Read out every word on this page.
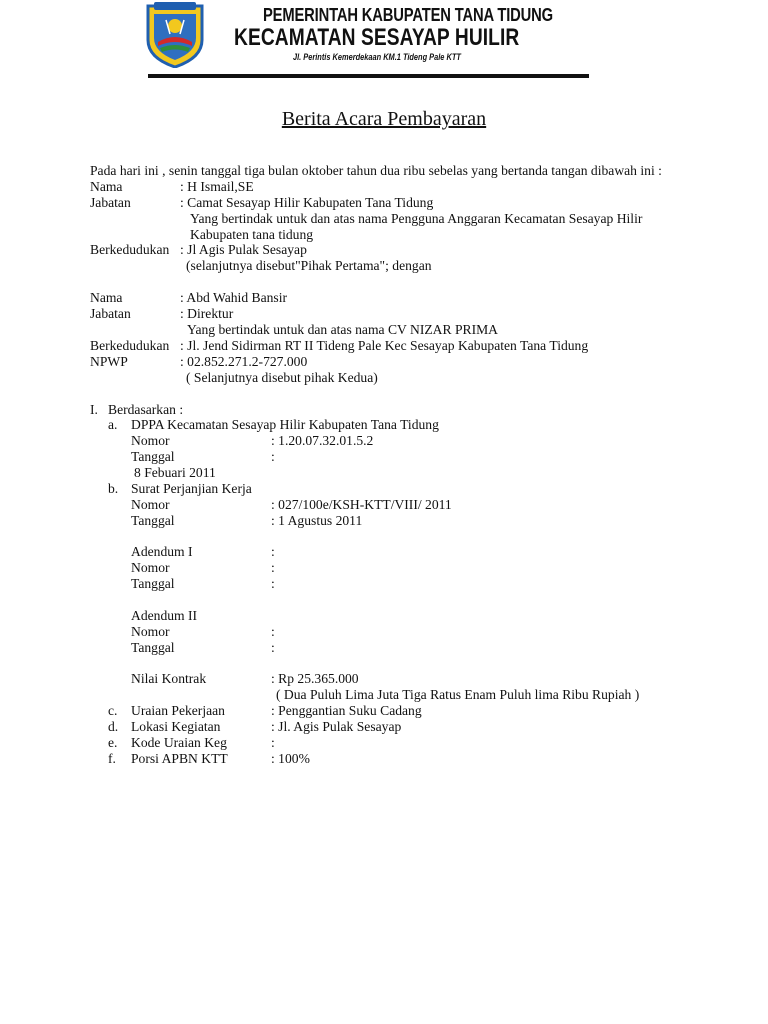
PEMERINTAH KABUPATEN TANA TIDUNG
KECAMATAN SESAYAP HUILIR
Jl. Perintis Kemerdekaan KM.1 Tideng Pale KTT
Berita Acara Pembayaran
Pada hari ini , senin tanggal tiga bulan oktober tahun dua ribu sebelas yang bertanda tangan dibawah ini :
Nama	: H Ismail,SE
Jabatan	: Camat Sesayap Hilir Kabupaten Tana Tidung
Yang bertindak untuk dan atas nama Pengguna Anggaran Kecamatan Sesayap Hilir
Kabupaten tana tidung
Berkedudukan : Jl Agis Pulak Sesayap
(selanjutnya disebut"Pihak Pertama"; dengan
Nama	: Abd Wahid Bansir
Jabatan	: Direktur
Yang bertindak untuk dan atas nama CV NIZAR PRIMA
Berkedudukan : Jl. Jend Sidirman RT II Tideng Pale Kec Sesayap Kabupaten Tana Tidung
NPWP	: 02.852.271.2-727.000
( Selanjutnya disebut pihak Kedua)
I. Berdasarkan :
a. DPPA Kecamatan Sesayap Hilir Kabupaten Tana Tidung
Nomor	: 1.20.07.32.01.5.2
Tanggal	:
8 Febuari 2011
b. Surat Perjanjian Kerja
Nomor	: 027/100e/KSH-KTT/VIII/ 2011
Tanggal	: 1 Agustus 2011
Adendum I	:
Nomor	:
Tanggal	:
Adendum II
Nomor	:
Tanggal	:
Nilai Kontrak	: Rp 25.365.000
( Dua Puluh Lima Juta Tiga Ratus Enam Puluh lima Ribu Rupiah )
c. Uraian Pekerjaan	: Penggantian Suku Cadang
d. Lokasi Kegiatan	: Jl. Agis Pulak Sesayap
e. Kode Uraian Keg	:
f. Porsi APBN KTT	: 100%
